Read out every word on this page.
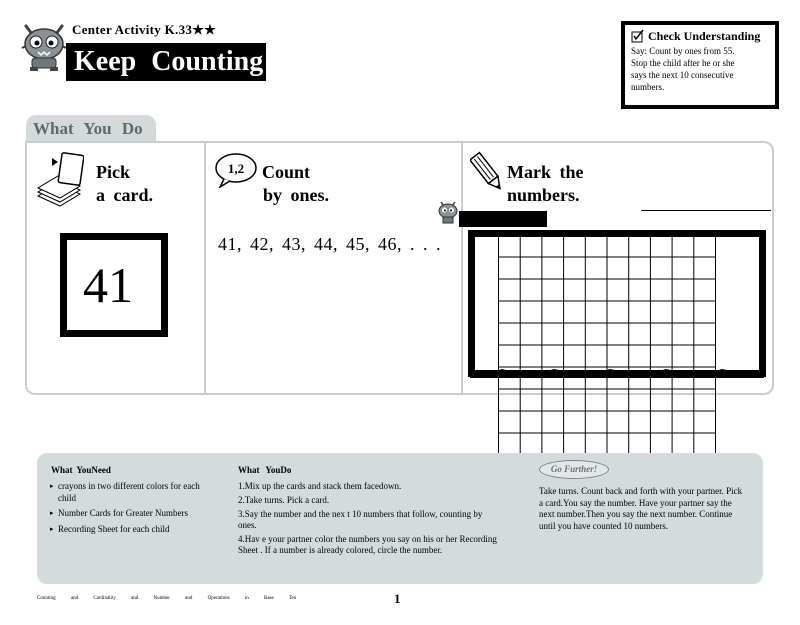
Center Activity K.33★★
Keep Counting
Check Understanding
Say: Count by ones from 55.
Stop the child after he or she
says the next 10 consecutive
numbers.
What You Do
Pick
a card.
41
1,2 Count
by ones.
41, 42, 43, 44, 45, 46, . . .
Mark the
numbers.
What YouNeed
▸ crayons in two different colors for each child
▸ Number Cards for Greater Numbers
▸ Recording Sheet for each child
What YouDo
1.Mix up the cards and stack them facedown.
2.Take turns. Pick a card.
3.Say the number and the nex t 10 numbers that follow, counting by ones.
4.Hav e your partner color the numbers you say on his or her Recording Sheet . If a number is already colored, circle the number.
Go Further!
Take turns. Count back and forth with your partner. Pick a card.You say the number. Have your partner say the next number.Then you say the next number. Continue until you have counted 10 numbers.
Counting and Cardinality and Number and Operations in Base Ten	1
